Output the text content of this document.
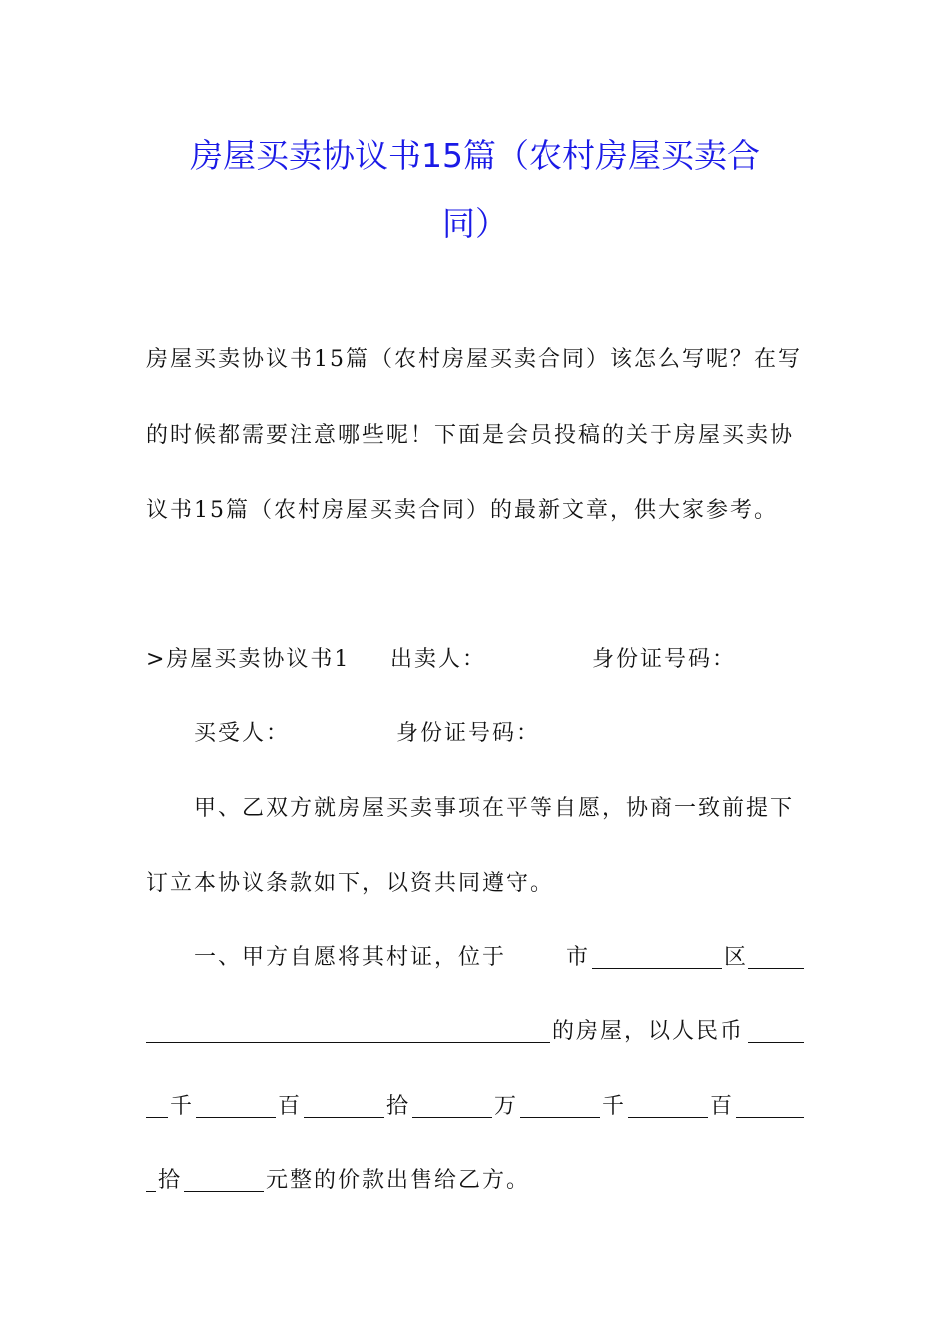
房屋买卖协议书15篇（农村房屋买卖合
同）
房屋买卖协议书15篇（农村房屋买卖合同）该怎么写呢？在写
的时候都需要注意哪些呢！下面是会员投稿的关于房屋买卖协
议书15篇（农村房屋买卖合同）的最新文章，供大家参考。
>房屋买卖协议书1 出卖人：	身份证号码：
买受人：	身份证号码：
甲、乙双方就房屋买卖事项在平等自愿，协商一致前提下
订立本协议条款如下，以资共同遵守。
一、甲方自愿将其村证，位于	市	区
的房屋，以人民币
千	百	拾	万	千	百
拾	元整的价款出售给乙方。
